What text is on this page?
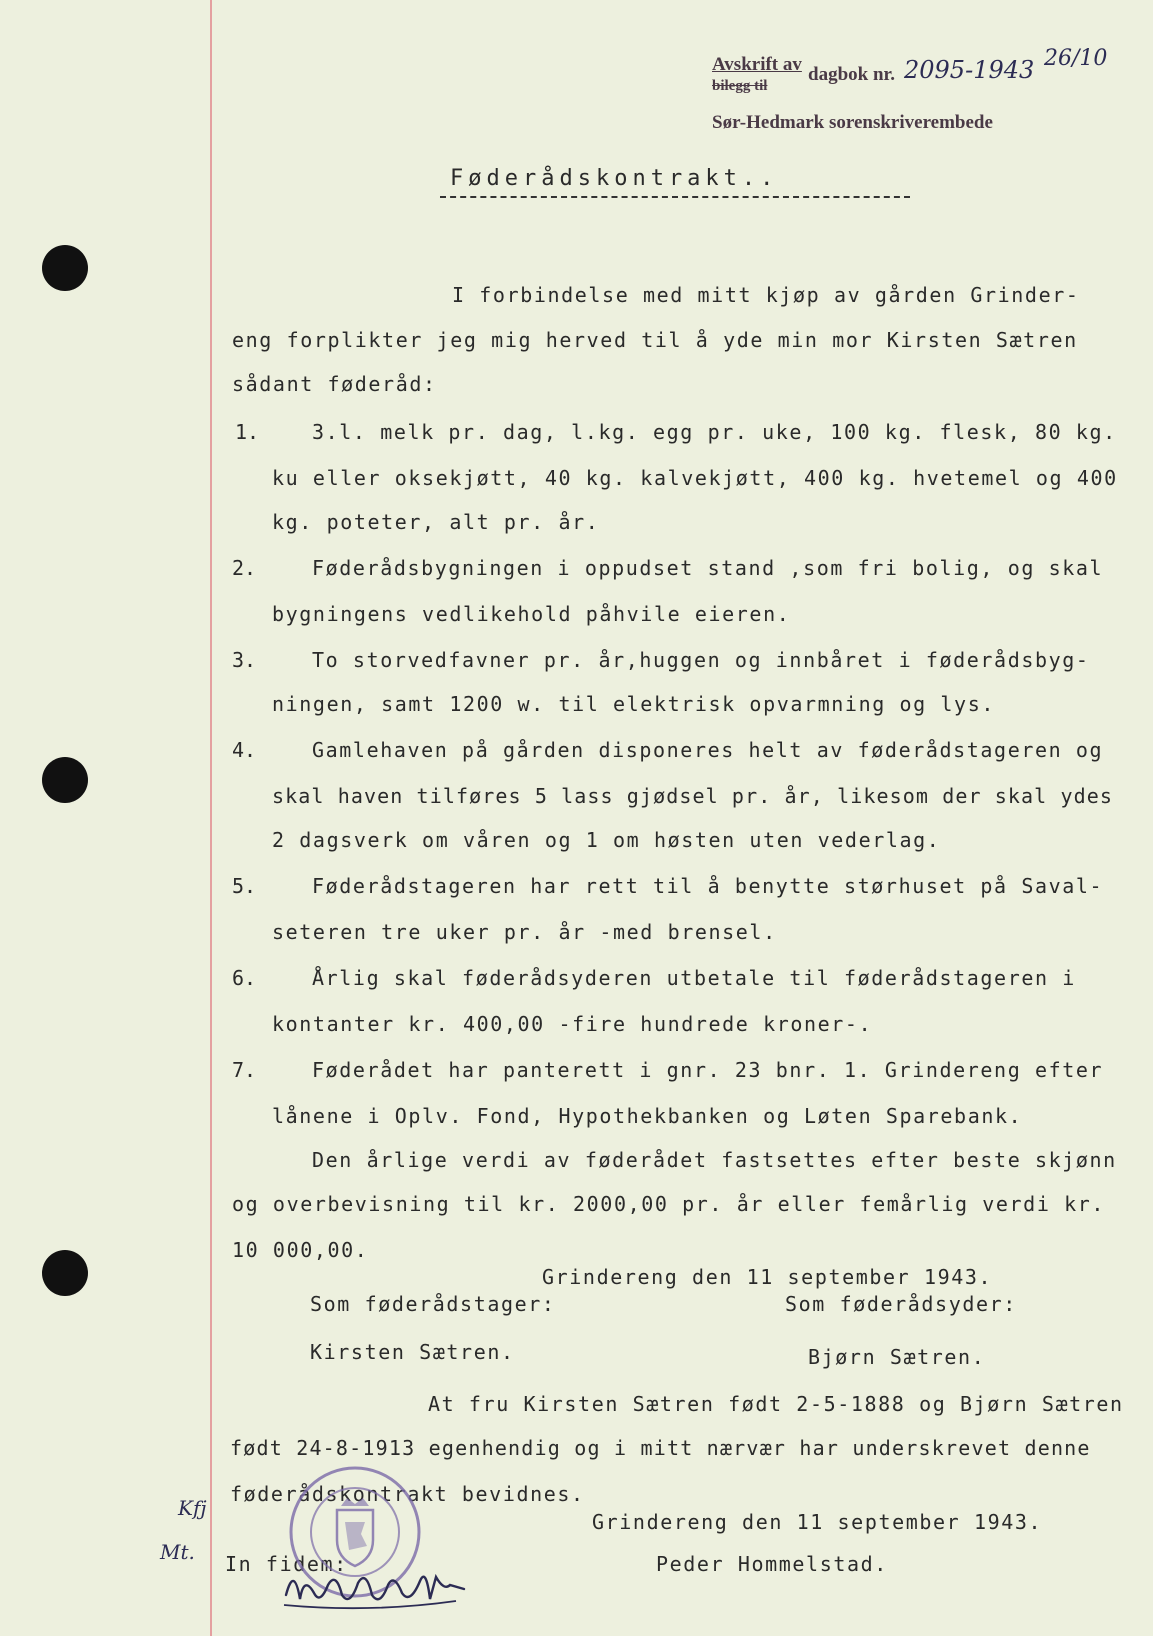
Avskrift av
bilegg til
dagbok nr. 2095-1943 26/10
Sør-Hedmark sorenskriverembede
Føderådskontrakt..
I forbindelse med mitt kjøp av gården Grinder-
eng forplikter jeg mig herved til å yde min mor Kirsten Sætren
sådant føderåd:
1.	3.l. melk pr. dag, l.kg. egg pr. uke, 100 kg. flesk, 80 kg.
ku eller oksekjøtt, 40 kg. kalvekjøtt, 400 kg. hvetemel og 400
kg. poteter, alt pr. år.
2.	Føderådsbygningen i oppudset stand ,som fri bolig, og skal
bygningens vedlikehold påhvile eieren.
3.	To storvedfavner pr. år,huggen og innbåret i føderådsbyg-
ningen, samt 1200 w. til elektrisk opvarmning og lys.
4.	Gamlehaven på gården disponeres helt av føderådstageren og
skal haven tilføres 5 lass gjødsel pr. år, likesom der skal ydes
2 dagsverk om våren og 1 om høsten uten vederlag.
5.	Føderådstageren har rett til å benytte størhuset på Saval-
seteren tre uker pr. år -med brensel.
6.	Årlig skal føderådsyderen utbetale til føderådstageren i
kontanter kr. 400,00 -fire hundrede kroner-.
7.	Føderådet har panterett i gnr. 23 bnr. 1. Grindereng efter
lånene i Oplv. Fond, Hypothekbanken og Løten Sparebank.
Den årlige verdi av føderådet fastsettes efter beste skjønn
og overbevisning til kr. 2000,00 pr. år eller femårlig verdi kr.
10 000,00.
Grindereng den 11 september 1943.
Som føderådstager:	Som føderådsyder:
Kirsten Sætren.	Bjørn Sætren.
At fru Kirsten Sætren født 2-5-1888 og Bjørn Sætren
født 24-8-1913 egenhendig og i mitt nærvær har underskrevet denne
føderådskontrakt bevidnes.
Grindereng den 11 september 1943.
In fidem:	Peder Hommelstad.
Kfj
Mt.
